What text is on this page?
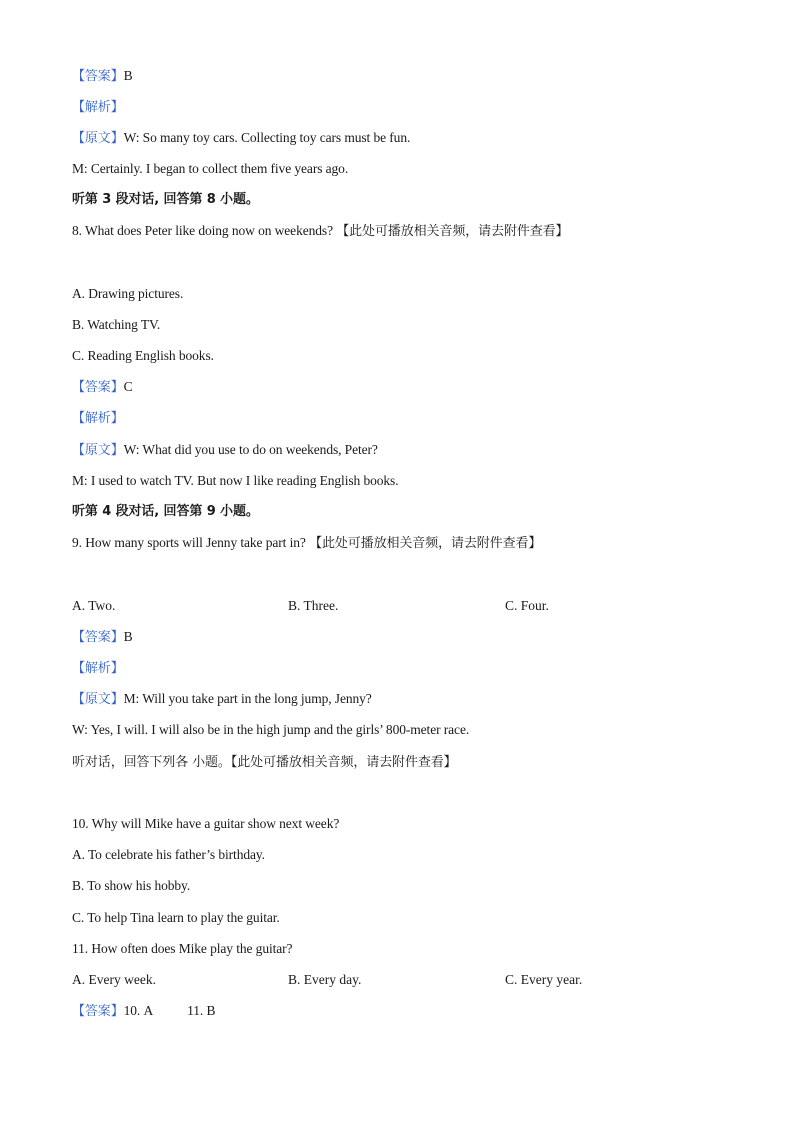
【答案】B
【解析】
【原文】W: So many toy cars. Collecting toy cars must be fun.
M: Certainly. I began to collect them five years ago.
听第 3 段对话, 回答第 8 小题。
8. What does Peter like doing now on weekends? 【此处可播放相关音频，请去附件查看】
A. Drawing pictures.
B. Watching TV.
C. Reading English books.
【答案】C
【解析】
【原文】W: What did you use to do on weekends, Peter?
M: I used to watch TV. But now I like reading English books.
听第 4 段对话, 回答第 9 小题。
9. How many sports will Jenny take part in? 【此处可播放相关音频，请去附件查看】
A. Two.	B. Three.	C. Four.
【答案】B
【解析】
【原文】M: Will you take part in the long jump, Jenny?
W: Yes, I will. I will also be in the high jump and the girls’ 800-meter race.
听对话，回答下列各 小题。【此处可播放相关音频，请去附件查看】
10. Why will Mike have a guitar show next week?
A. To celebrate his father’s birthday.
B. To show his hobby.
C. To help Tina learn to play the guitar.
11. How often does Mike play the guitar?
A. Every week.	B. Every day.	C. Every year.
【答案】10. A	11. B
